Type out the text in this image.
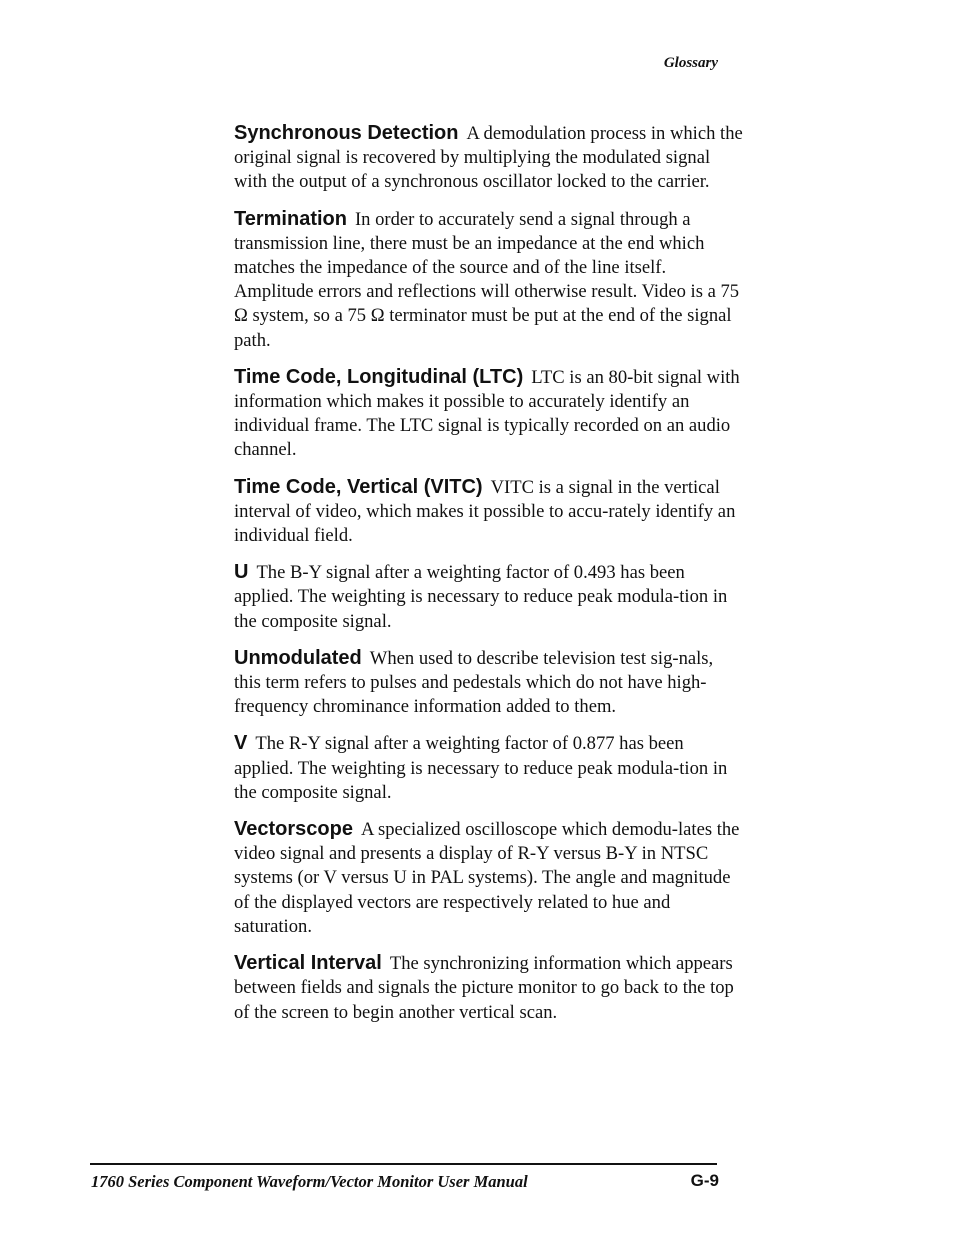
Glossary

Synchronous Detection A demodulation process in which the original signal is recovered by multiplying the modulated signal with the output of a synchronous oscillator locked to the carrier.

Termination In order to accurately send a signal through a transmission line, there must be an impedance at the end which matches the impedance of the source and of the line itself. Amplitude errors and reflections will otherwise result. Video is a 75 Ω system, so a 75 Ω terminator must be put at the end of the signal path.

Time Code, Longitudinal (LTC) LTC is an 80-bit signal with information which makes it possible to accurately identify an individual frame. The LTC signal is typically recorded on an audio channel.

Time Code, Vertical (VITC) VITC is a signal in the vertical interval of video, which makes it possible to accu-rately identify an individual field.

U The B-Y signal after a weighting factor of 0.493 has been applied. The weighting is necessary to reduce peak modula-tion in the composite signal.

Unmodulated When used to describe television test sig-nals, this term refers to pulses and pedestals which do not have high-frequency chrominance information added to them.

V The R-Y signal after a weighting factor of 0.877 has been applied. The weighting is necessary to reduce peak modula-tion in the composite signal.

Vectorscope A specialized oscilloscope which demodu-lates the video signal and presents a display of R-Y versus B-Y in NTSC systems (or V versus U in PAL systems). The angle and magnitude of the displayed vectors are respectively related to hue and saturation.

Vertical Interval The synchronizing information which appears between fields and signals the picture monitor to go back to the top of the screen to begin another vertical scan.

1760 Series Component Waveform/Vector Monitor User Manual	G-9
